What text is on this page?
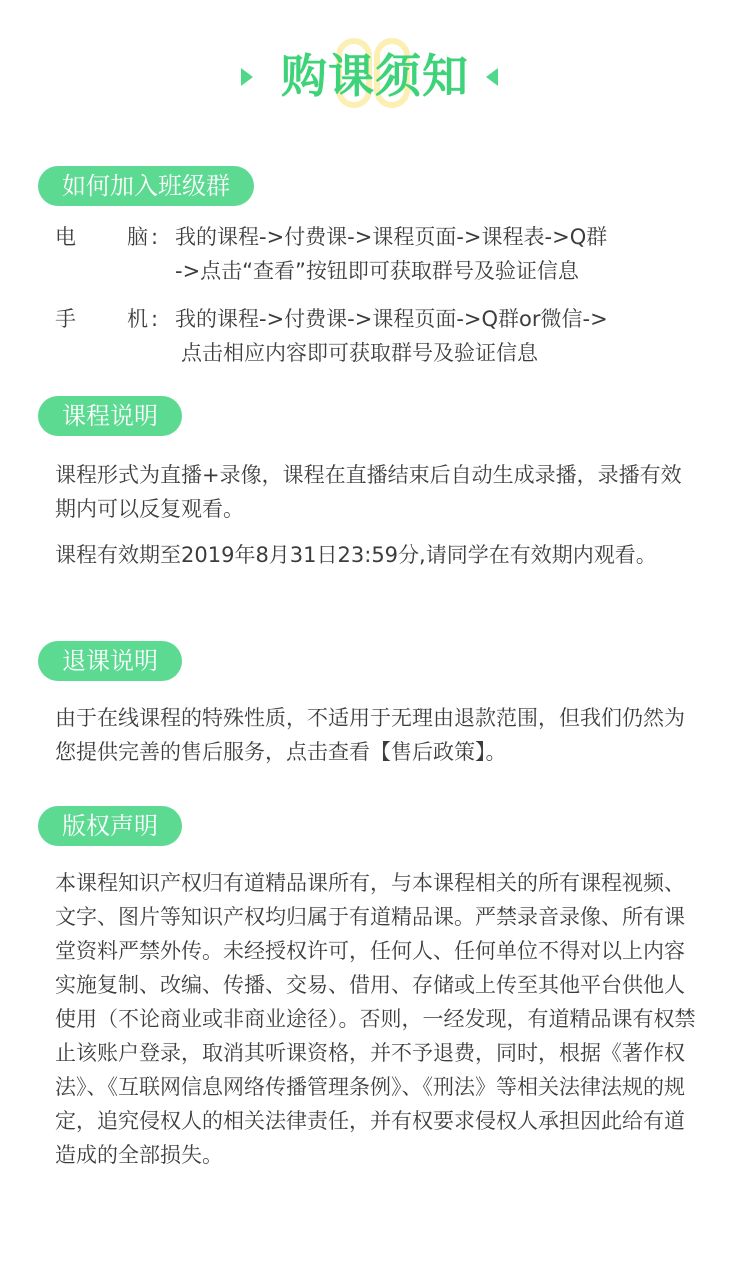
购课须知
如何加入班级群
电 脑 : 我的课程->付费课->课程页面->课程表->Q群
->点击“查看”按钮即可获取群号及验证信息
手 机 : 我的课程->付费课->课程页面->Q群or微信->
点击相应内容即可获取群号及验证信息
课程说明

课程形式为直播+录像，课程在直播结束后自动生成录播，录播有效期内可以反复观看。

课程有效期至2019年8月31日23:59分,请同学在有效期内观看。

退课说明

由于在线课程的特殊性质，不适用于无理由退款范围，但我们仍然为您提供完善的售后服务，点击查看【售后政策】。

版权声明

本课程知识产权归有道精品课所有，与本课程相关的所有课程视频、文字、图片等知识产权均归属于有道精品课。严禁录音录像、所有课堂资料严禁外传。未经授权许可，任何人、任何单位不得对以上内容实施复制、改编、传播、交易、借用、存储或上传至其他平台供他人使用（不论商业或非商业途径）。否则，一经发现，有道精品课有权禁止该账户登录，取消其听课资格，并不予退费，同时，根据《著作权法》、《互联网信息网络传播管理条例》、《刑法》等相关法律法规的规定，追究侵权人的相关法律责任，并有权要求侵权人承担因此给有道造成的全部损失。
